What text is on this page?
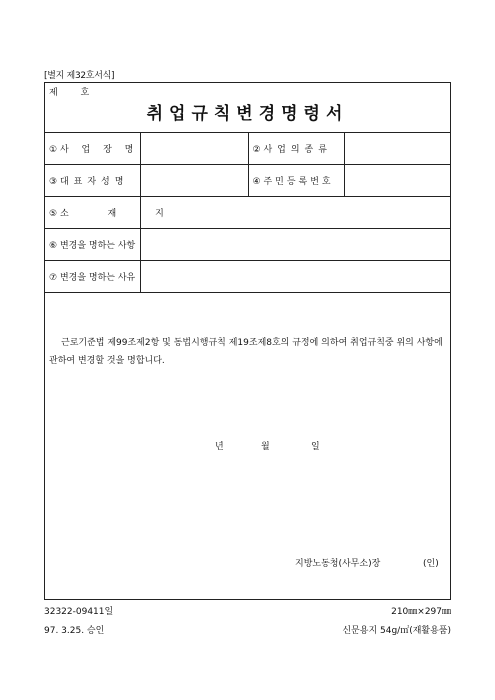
[별지 제32호서식]
제 호
취업규칙변경명령서
① 사 업 장 명		② 사업의종류	
③ 대표자성명		④ 주민등록번호	
⑤ 소 재 지			
⑥ 변경을 명하는 사항			
⑦ 변경을 명하는 사유			
근로기준법 제99조제2항 및 동법시행규칙 제19조제8호의 규정에 의하여 취업규칙중 위의 사항에
관하여 변경할 것을 명합니다.
년	월	일
지방노동청(사무소)장	(인)
32322-09411일
97. 3.25. 승인
210㎜×297㎜
신문용지 54g/㎡(재활용품)
